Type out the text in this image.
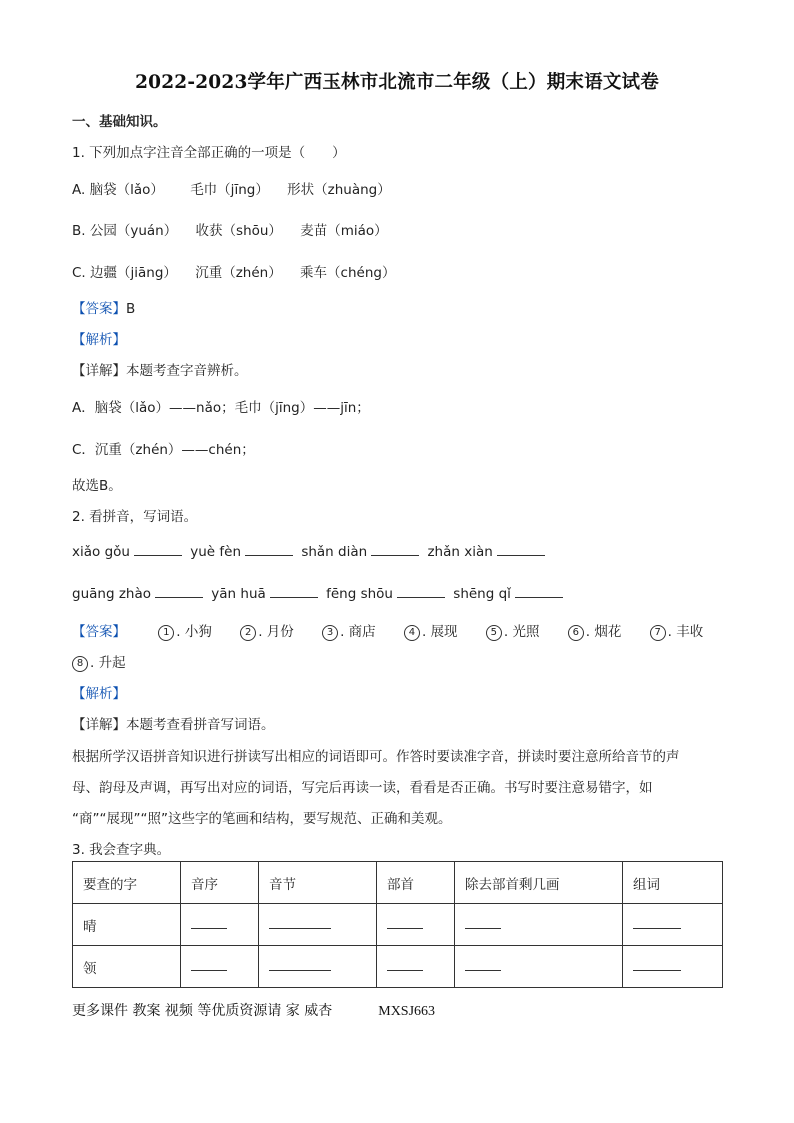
2022-2023学年广西玉林市北流市二年级（上）期末语文试卷
一、基础知识。
1. 下列加点字注音全部正确的一项是（　　）
A. 脑袋（lǎo） 毛巾（jīng） 形状（zhuàng）
B. 公园（yuán） 收获（shōu） 麦苗（miáo）
C. 边疆（jiāng） 沉重（zhén） 乘车（chéng）
【答案】B
【解析】
【详解】本题考查字音辨析。
A．脑袋（lǎo）——nǎo；毛巾（jīng）——jīn；
C．沉重（zhén）——chén；
故选B。
2. 看拼音，写词语。
xiǎo gǒu	yuè fèn	shǎn diàn	zhǎn xiàn
guāng zhào	yān huā	fēng shōu	shēng qǐ
【答案】	1 . 小狗	2 . 月份	3 . 商店	4 . 展现	5 . 光照	6 . 烟花	7 . 丰收
8 . 升起
【解析】
【详解】本题考查看拼音写词语。
根据所学汉语拼音知识进行拼读写出相应的词语即可。作答时要读准字音，拼读时要注意所给音节的声
母、韵母及声调，再写出对应的词语，写完后再读一读，看看是否正确。书写时要注意易错字，如
“商”“展现”“照”这些字的笔画和结构，要写规范、正确和美观。
3. 我会查字典。
要查的字	音序	音节	部首	除去部首剩几画	组词
晴					
领					
更多课件 教案 视频 等优质资源请 家 威杏	MXSJ663
